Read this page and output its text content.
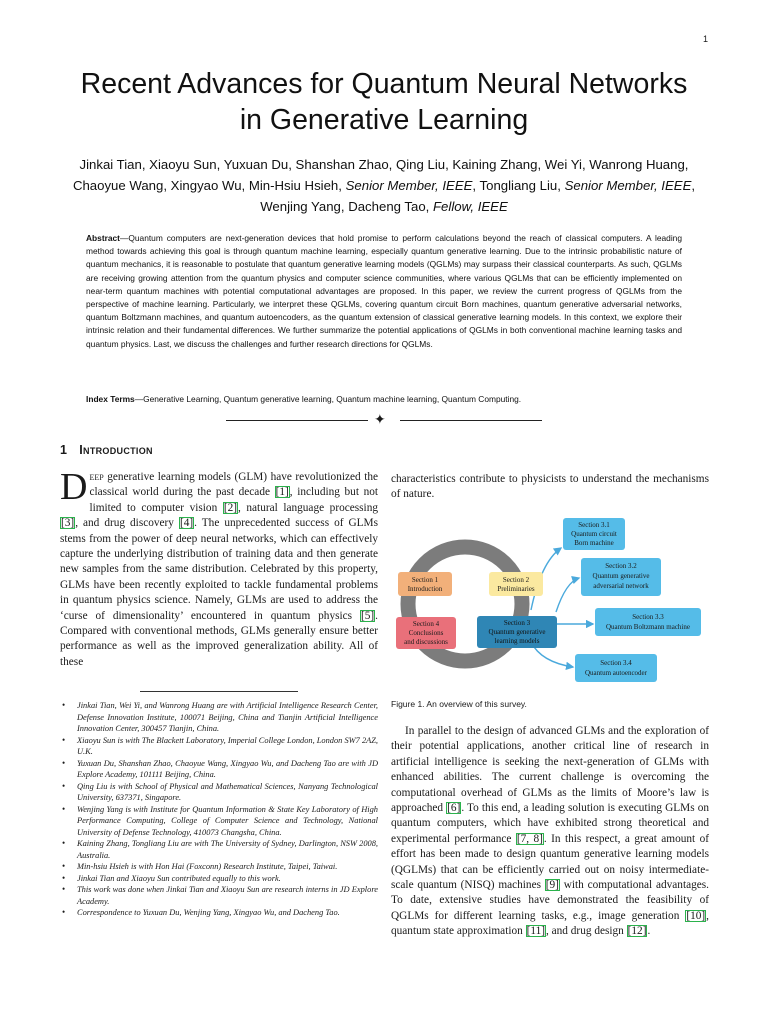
1
Recent Advances for Quantum Neural Networks
in Generative Learning
Jinkai Tian, Xiaoyu Sun, Yuxuan Du, Shanshan Zhao, Qing Liu, Kaining Zhang, Wei Yi, Wanrong Huang, Chaoyue Wang, Xingyao Wu, Min-Hsiu Hsieh, Senior Member, IEEE, Tongliang Liu, Senior Member, IEEE, Wenjing Yang, Dacheng Tao, Fellow, IEEE
Abstract—Quantum computers are next-generation devices that hold promise to perform calculations beyond the reach of classical computers. A leading method towards achieving this goal is through quantum machine learning, especially quantum generative learning. Due to the intrinsic probabilistic nature of quantum mechanics, it is reasonable to postulate that quantum generative learning models (QGLMs) may surpass their classical counterparts. As such, QGLMs are receiving growing attention from the quantum physics and computer science communities, where various QGLMs that can be efficiently implemented on near-term quantum machines with potential computational advantages are proposed. In this paper, we review the current progress of QGLMs from the perspective of machine learning. Particularly, we interpret these QGLMs, covering quantum circuit Born machines, quantum generative adversarial networks, quantum Boltzmann machines, and quantum autoencoders, as the quantum extension of classical generative learning models. In this context, we explore their intrinsic relation and their fundamental differences. We further summarize the potential applications of QGLMs in both conventional machine learning tasks and quantum physics. Last, we discuss the challenges and further research directions for QGLMs.
Index Terms—Generative Learning, Quantum generative learning, Quantum machine learning, Quantum Computing.
✦
1 Introduction
Deep generative learning models (GLM) have revolutionized the classical world during the past decade [1], including but not limited to computer vision [2], natural language processing [3], and drug discovery [4]. The unprecedented success of GLMs stems from the power of deep neural networks, which can effectively capture the underlying distribution of training data and then generate new samples from the same distribution. Celebrated by this property, GLMs have been recently exploited to tackle fundamental problems in quantum physics science. Namely, GLMs are used to address the ‘curse of dimensionality’ encountered in quantum physics [5]. Compared with conventional methods, GLMs generally ensure better performance as well as the improved generalization ability. All of these
• Jinkai Tian, Wei Yi, and Wanrong Huang are with Artificial Intelligence Research Center, Defense Innovation Institute, 100071 Beijing, China and Tianjin Artificial Intelligence Innovation Center, 300457 Tianjin, China.
• Xiaoyu Sun is with The Blackett Laboratory, Imperial College London, London SW7 2AZ, U.K.
• Yuxuan Du, Shanshan Zhao, Chaoyue Wang, Xingyao Wu, and Dacheng Tao are with JD Explore Academy, 101111 Beijing, China.
• Qing Liu is with School of Physical and Mathematical Sciences, Nanyang Technological University, 637371, Singapore.
• Wenjing Yang is with Institute for Quantum Information & State Key Laboratory of High Performance Computing, College of Computer Science and Technology, National University of Defense Technology, 410073 Changsha, China.
• Kaining Zhang, Tongliang Liu are with The University of Sydney, Darlington, NSW 2008, Australia.
• Min-hsiu Hsieh is with Hon Hai (Foxconn) Research Institute, Taipei, Taiwai.
• Jinkai Tian and Xiaoyu Sun contributed equally to this work.
• This work was done when Jinkai Tian and Xiaoyu Sun are research interns in JD Explore Academy.
• Correspondence to Yuxuan Du, Wenjing Yang, Xingyao Wu, and Dacheng Tao.
characteristics contribute to physicists to understand the mechanisms of nature.
Section 1
Introduction
Section 2
Preliminaries
Section 4
Conclusions
and discussions
Section 3
Quantum generative
learning models
Section 3.1
Quantum circuit
Born machine
Section 3.2
Quantum generative
adversarial network
Section 3.3
Quantum Boltzmann machine
Section 3.4
Quantum autoencoder
Figure 1. An overview of this survey.
In parallel to the design of advanced GLMs and the exploration of their potential applications, another critical line of research in artificial intelligence is seeking the next-generation of GLMs with enhanced abilities. The current challenge is overcoming the computational overhead of GLMs as the limits of Moore’s law is approached [6]. To this end, a leading solution is executing GLMs on quantum computers, which have exhibited strong theoretical and experimental performance [7, 8]. In this respect, a great amount of effort has been made to design quantum generative learning models (QGLMs) that can be efficiently carried out on noisy intermediate-scale quantum (NISQ) machines [9] with computational advantages. To date, extensive studies have demonstrated the feasibility of QGLMs for different learning tasks, e.g., image generation [10], quantum state approximation [11], and drug design [12].
